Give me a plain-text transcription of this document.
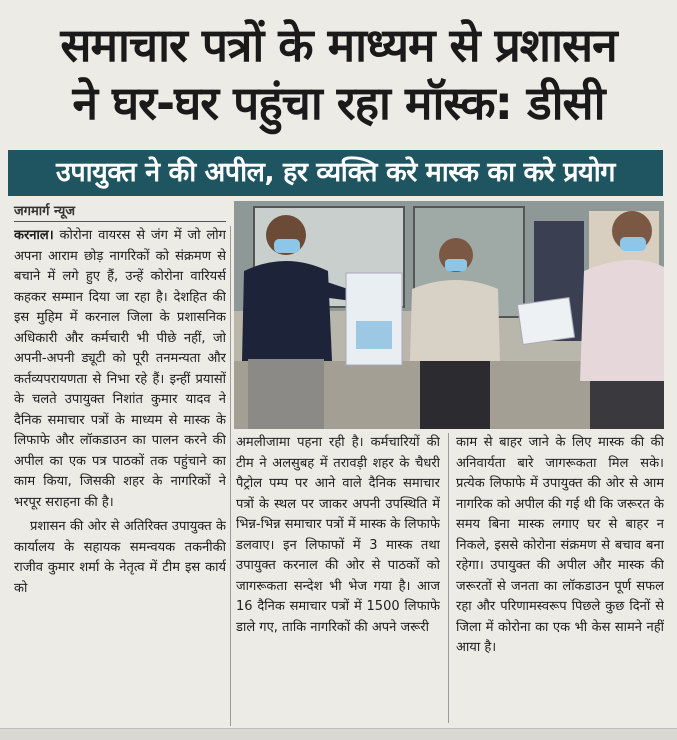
समाचार पत्रों के माध्यम से प्रशासन
ने घर-घर पहुंचा रहा मॉस्क: डीसी
उपायुक्त ने की अपील, हर व्यक्ति करे मास्क का करे प्रयोग
जगमार्ग न्यूज

करनाल। कोरोना वायरस से जंग में जो लोग अपना आराम छोड़ नागरिकों को संक्रमण से बचाने में लगे हुए हैं, उन्हें कोरोना वारियर्स कहकर सम्मान दिया जा रहा है। देशहित की इस मुहिम में करनाल जिला के प्रशासनिक अधिकारी और कर्मचारी भी पीछे नहीं, जो अपनी-अपनी ड्यूटी को पूरी तनमन्यता और कर्तव्यपरायणता से निभा रहे हैं। इन्हीं प्रयासों के चलते उपायुक्त निशांत कुमार यादव ने दैनिक समाचार पत्रों के माध्यम से मास्क के लिफाफे और लॉकडाउन का पालन करने की अपील का एक पत्र पाठकों तक पहुंचाने का काम किया, जिसकी शहर के नागरिकों ने भरपूर सराहना की है।

प्रशासन की ओर से अतिरिक्त उपायुक्त के कार्यालय के सहायक समन्वयक तकनीकी राजीव कुमार शर्मा के नेतृत्व में टीम इस कार्य को

अमलीजामा पहना रही है। कर्मचारियों की टीम ने अलसुबह में तरावड़ी शहर के चैधरी पैट्रोल पम्प पर आने वाले दैनिक समाचार पत्रों के स्थल पर जाकर अपनी उपस्थिति में भिन्न-भिन्न समाचार पत्रों में मास्क के लिफाफे डलवाए। इन लिफाफों में 3 मास्क तथा उपायुक्त करनाल की ओर से पाठकों को जागरूकता सन्देश भी भेज गया है। आज 16 दैनिक समाचार पत्रों में 1500 लिफाफे डाले गए, ताकि नागरिकों की अपने जरूरी

काम से बाहर जाने के लिए मास्क की की अनिवार्यता बारे जागरूकता मिल सके। प्रत्येक लिफाफे में उपायुक्त की ओर से आम नागरिक को अपील की गई थी कि जरूरत के समय बिना मास्क लगाए घर से बाहर न निकले, इससे कोरोना संक्रमण से बचाव बना रहेगा। उपायुक्त की अपील और मास्क की जरूरतों से जनता का लॉकडाउन पूर्ण सफल रहा और परिणामस्वरूप पिछले कुछ दिनों से जिला में कोरोना का एक भी केस सामने नहीं आया है।
